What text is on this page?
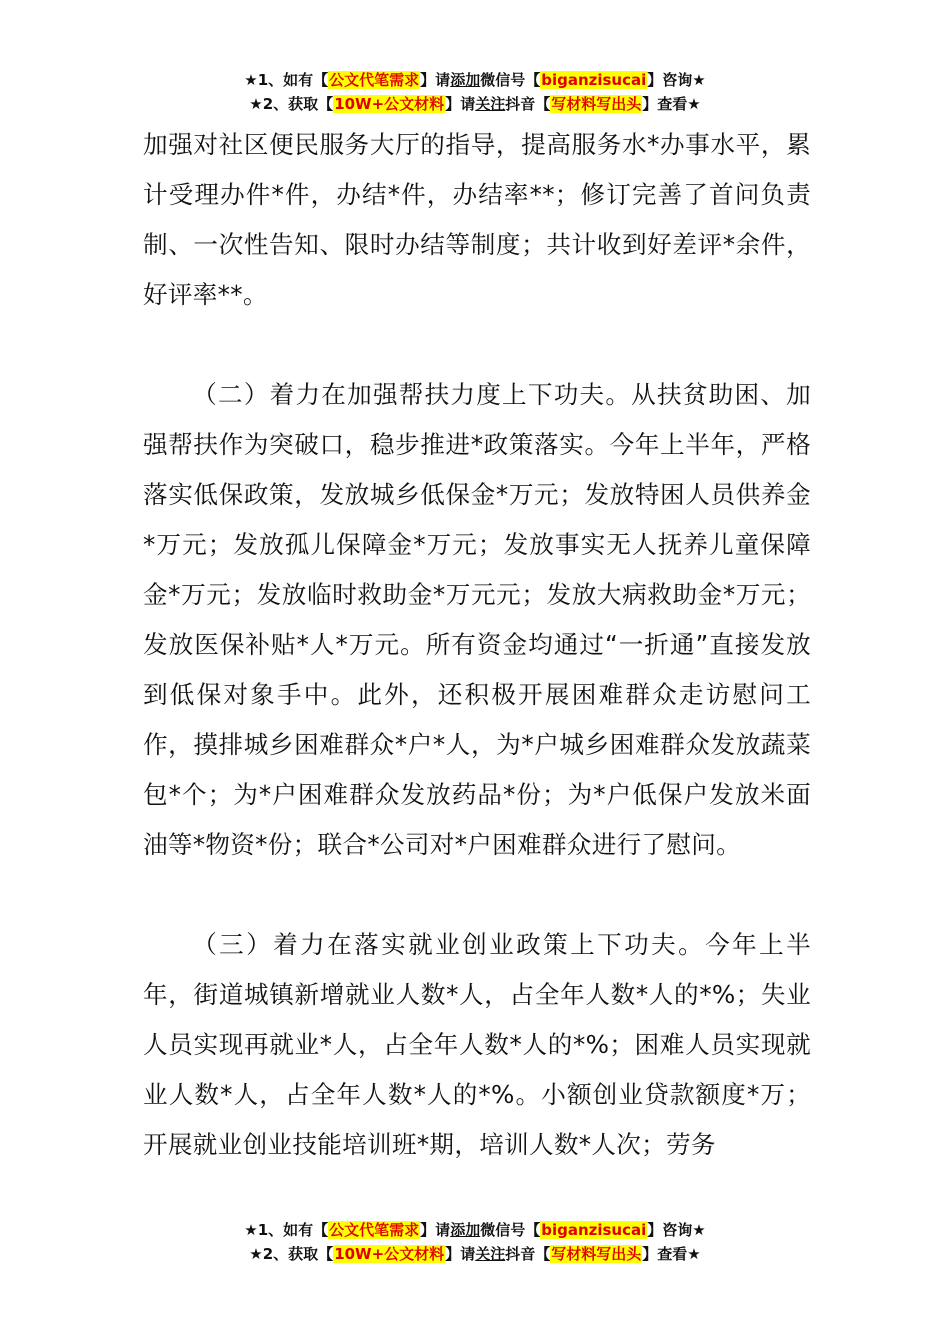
★1、如有【公文代笔需求】请添加微信号【biganzisucai】咨询★
★2、获取【10W+公文材料】请关注抖音【写材料写出头】查看★

加强对社区便民服务大厅的指导，提高服务水*办事水平，累计受理办件*件，办结*件，办结率**；修订完善了首问负责制、一次性告知、限时办结等制度；共计收到好差评*余件，好评率**。

（二）着力在加强帮扶力度上下功夫。从扶贫助困、加强帮扶作为突破口，稳步推进*政策落实。今年上半年，严格落实低保政策，发放城乡低保金*万元；发放特困人员供养金*万元；发放孤儿保障金*万元；发放事实无人抚养儿童保障金*万元；发放临时救助金*万元元；发放大病救助金*万元；发放医保补贴*人*万元。所有资金均通过“一折通”直接发放到低保对象手中。此外，还积极开展困难群众走访慰问工作，摸排城乡困难群众*户*人，为*户城乡困难群众发放蔬菜包*个；为*户困难群众发放药品*份；为*户低保户发放米面油等*物资*份；联合*公司对*户困难群众进行了慰问。

（三）着力在落实就业创业政策上下功夫。今年上半年，街道城镇新增就业人数*人，占全年人数*人的*%；失业人员实现再就业*人，占全年人数*人的*%；困难人员实现就业人数*人，占全年人数*人的*%。小额创业贷款额度*万；开展就业创业技能培训班*期，培训人数*人次；劳务

★1、如有【公文代笔需求】请添加微信号【biganzisucai】咨询★
★2、获取【10W+公文材料】请关注抖音【写材料写出头】查看★
